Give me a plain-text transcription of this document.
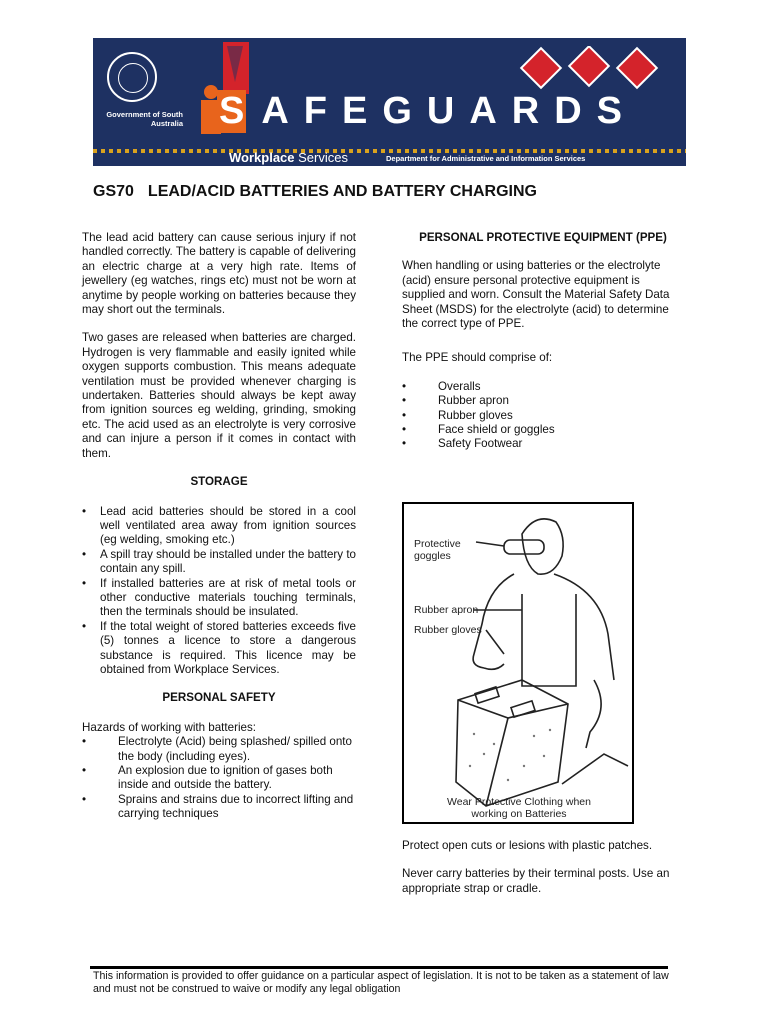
Government of South Australia S AFEGUARDS
Workplace Services	Department for Administrative and Information Services
GS70 LEAD/ACID BATTERIES AND BATTERY CHARGING

The lead acid battery can cause serious injury if not handled correctly. The battery is capable of delivering an electric charge at a very high rate. Items of jewellery (eg watches, rings etc) must not be worn at anytime by people working on batteries because they may short out the terminals.

Two gases are released when batteries are charged. Hydrogen is very flammable and easily ignited while oxygen supports combustion. This means adequate ventilation must be provided whenever charging is undertaken. Batteries should always be kept away from ignition sources eg welding, grinding, smoking etc. The acid used as an electrolyte is very corrosive and can injure a person if it comes in contact with them.

STORAGE

• Lead acid batteries should be stored in a cool well ventilated area away from ignition sources (eg welding, smoking etc.)
• A spill tray should be installed under the battery to contain any spill.
• If installed batteries are at risk of metal tools or other conductive materials touching terminals, then the terminals should be insulated.
• If the total weight of stored batteries exceeds five (5) tonnes a licence to store a dangerous substance is required. This licence may be obtained from Workplace Services.

PERSONAL SAFETY

Hazards of working with batteries:

• Electrolyte (Acid) being splashed/ spilled onto the body (including eyes).
• An explosion due to ignition of gases both inside and outside the battery.
• Sprains and strains due to incorrect lifting and carrying techniques

PERSONAL PROTECTIVE EQUIPMENT (PPE)

When handling or using batteries or the electrolyte (acid) ensure personal protective equipment is supplied and worn. Consult the Material Safety Data Sheet (MSDS) for the electrolyte (acid) to determine the correct type of PPE.

The PPE should comprise of:

• Overalls
• Rubber apron
• Rubber gloves
• Face shield or goggles
• Safety Footwear
Protective goggles
Rubber apron
Rubber gloves
Wear Protective Clothing when working on Batteries

Protect open cuts or lesions with plastic patches.

Never carry batteries by their terminal posts. Use an appropriate strap or cradle.

This information is provided to offer guidance on a particular aspect of legislation. It is not to be taken as a statement of law and must not be construed to waive or modify any legal obligation
